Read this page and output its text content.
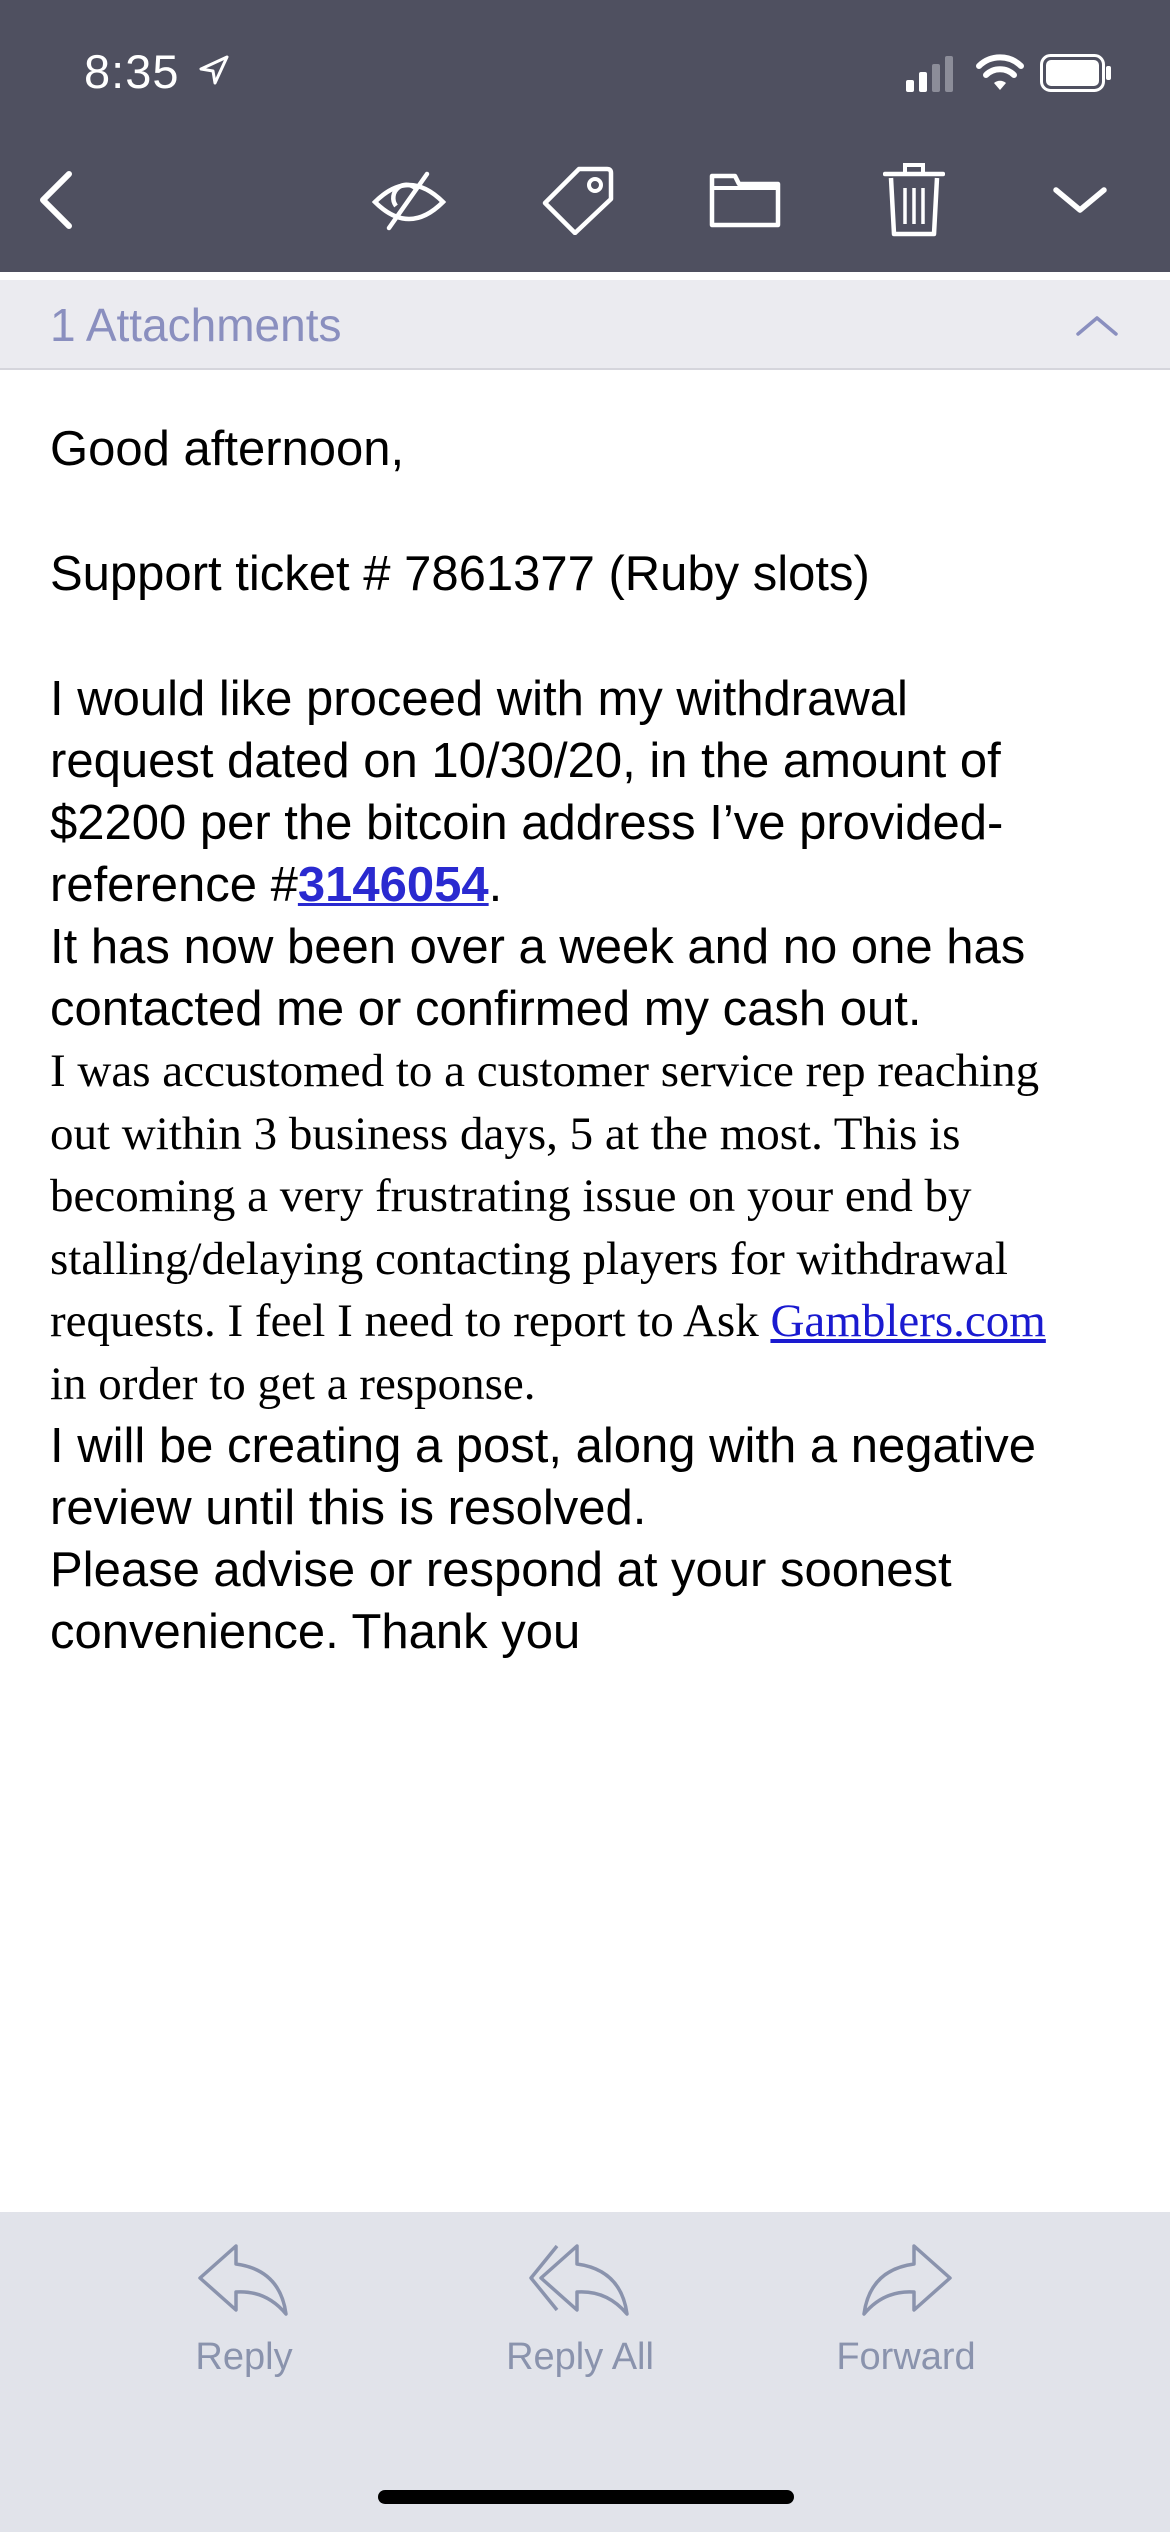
8:35
1 Attachments
Good afternoon,
Support ticket # 7861377 (Ruby slots)
I would like proceed with my withdrawal
request dated on 10/30/20, in the amount of
$2200 per the bitcoin address I’ve provided-
reference #3146054.
It has now been over a week and no one has
contacted me or confirmed my cash out.
I was accustomed to a customer service rep reaching
out within 3 business days, 5 at the most. This is
becoming a very frustrating issue on your end by
stalling/delaying contacting players for withdrawal
requests. I feel I need to report to Ask Gamblers.com
in order to get a response.
I will be creating a post, along with a negative
review until this is resolved.
Please advise or respond at your soonest
convenience. Thank you
Reply	Reply All	Forward
